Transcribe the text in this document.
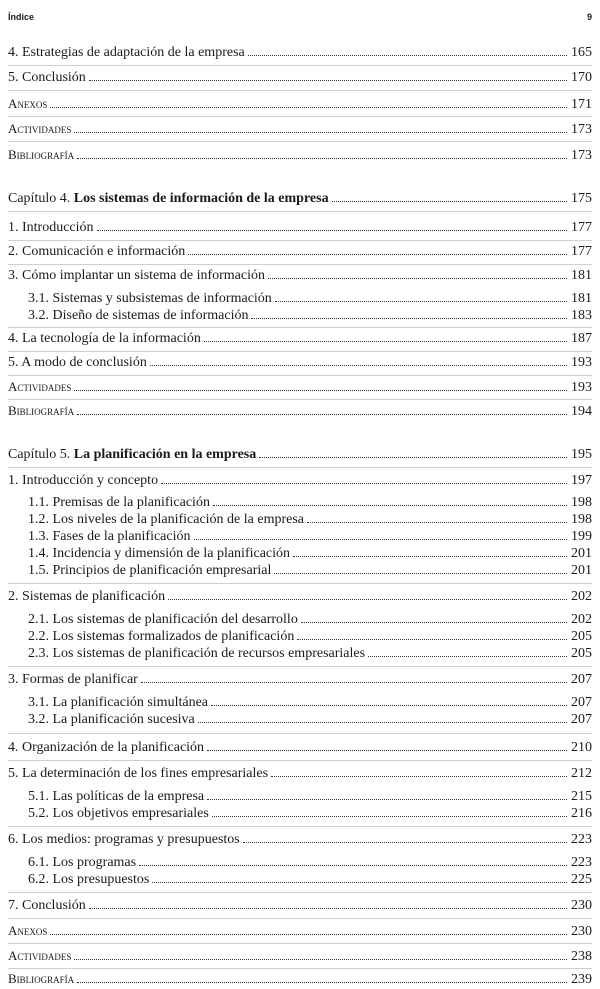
Índice	9
4. Estrategias de adaptación de la empresa	165
5. Conclusión	170
Anexos	171
Actividades	173
Bibliografía	173
Capítulo 4. Los sistemas de información de la empresa	175
1. Introducción	177
2. Comunicación e información	177
3. Cómo implantar un sistema de información	181
3.1. Sistemas y subsistemas de información	181
3.2. Diseño de sistemas de información	183
4. La tecnología de la información	187
5. A modo de conclusión	193
Actividades	193
Bibliografía	194
Capítulo 5. La planificación en la empresa	195
1. Introducción y concepto	197
1.1. Premisas de la planificación	198
1.2. Los niveles de la planificación de la empresa	198
1.3. Fases de la planificación	199
1.4. Incidencia y dimensión de la planificación	201
1.5. Principios de planificación empresarial	201
2. Sistemas de planificación	202
2.1. Los sistemas de planificación del desarrollo	202
2.2. Los sistemas formalizados de planificación	205
2.3. Los sistemas de planificación de recursos empresariales	205
3. Formas de planificar	207
3.1. La planificación simultánea	207
3.2. La planificación sucesiva	207
4. Organización de la planificación	210
5. La determinación de los fines empresariales	212
5.1. Las políticas de la empresa	215
5.2. Los objetivos empresariales	216
6. Los medios: programas y presupuestos	223
6.1. Los programas	223
6.2. Los presupuestos	225
7. Conclusión	230
Anexos	230
Actividades	238
Bibliografía	239
